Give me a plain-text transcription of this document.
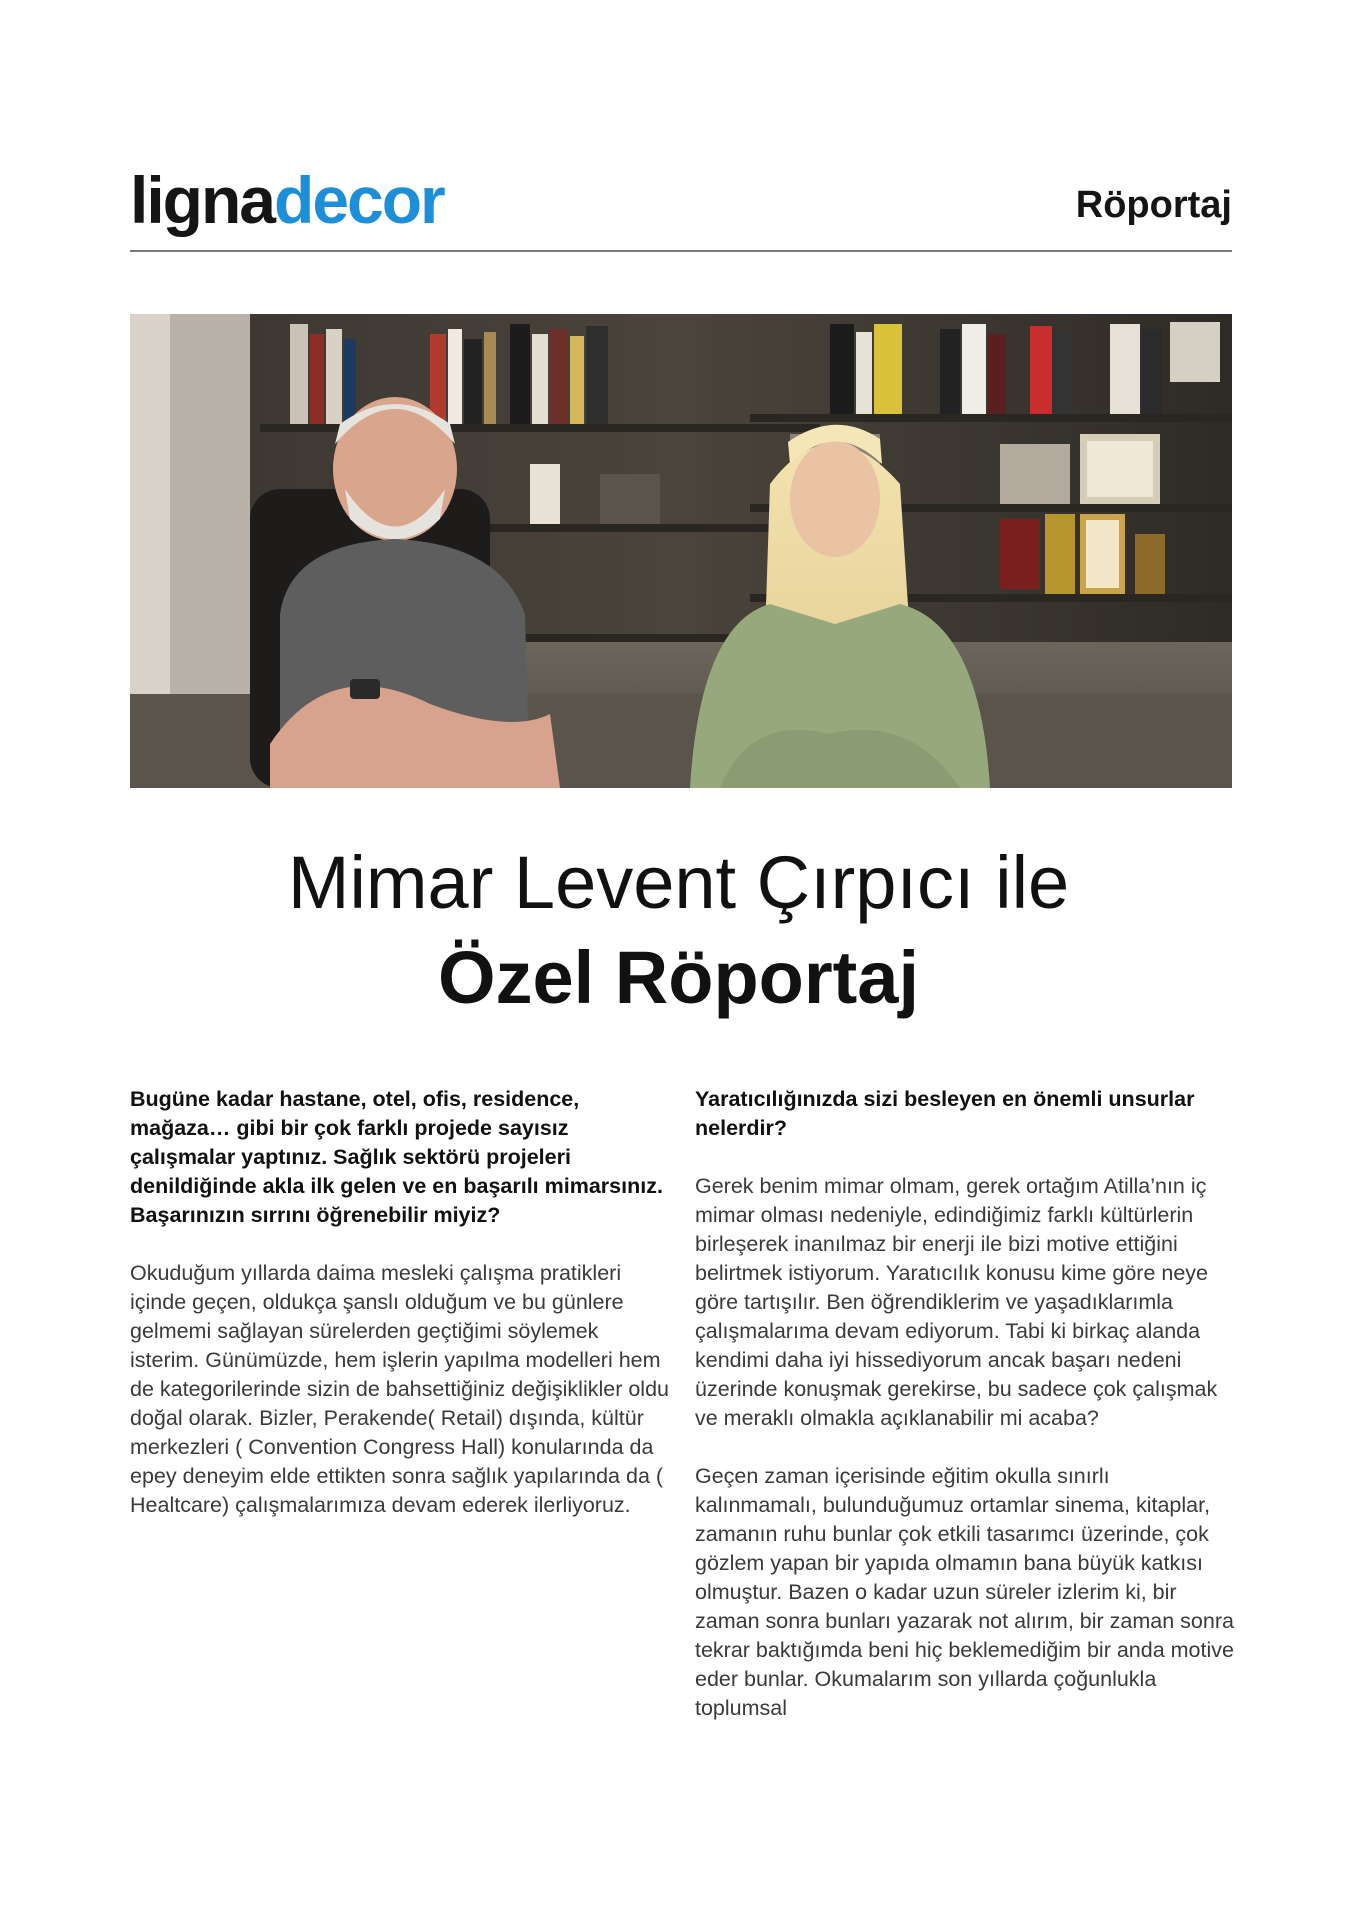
lignadecor	Röportaj
Mimar Levent Çırpıcı ile
Özel Röportaj

Bugüne kadar hastane, otel, ofis, residence, mağaza… gibi bir çok farklı projede sayısız çalışmalar yaptınız. Sağlık sektörü projeleri denildiğinde akla ilk gelen ve en başarılı mimarsınız. Başarınızın sırrını öğrenebilir miyiz?

Okuduğum yıllarda daima mesleki çalışma pratikleri içinde geçen, oldukça şanslı olduğum ve bu günlere gelmemi sağlayan sürelerden geçtiğimi söylemek isterim. Günümüzde, hem işlerin yapılma modelleri hem de kategorilerinde sizin de bahsettiğiniz değişiklikler oldu doğal olarak. Bizler, Perakende( Retail) dışında, kültür merkezleri ( Convention Congress Hall) konularında da epey deneyim elde ettikten sonra sağlık yapılarında da ( Healtcare) çalışmalarımıza devam ederek ilerliyoruz.

Yaratıcılığınızda sizi besleyen en önemli unsurlar nelerdir?

Gerek benim mimar olmam, gerek ortağım Atilla’nın iç mimar olması nedeniyle, edindiğimiz farklı kültürlerin birleşerek inanılmaz bir enerji ile bizi motive ettiğini belirtmek istiyorum. Yaratıcılık konusu kime göre neye göre tartışılır. Ben öğrendiklerim ve yaşadıklarımla çalışmalarıma devam ediyorum. Tabi ki birkaç alanda kendimi daha iyi hissediyorum ancak başarı nedeni üzerinde konuşmak gerekirse, bu sadece çok çalışmak ve meraklı olmakla açıklanabilir mi acaba?

Geçen zaman içerisinde eğitim okulla sınırlı kalınmamalı, bulunduğumuz ortamlar sinema, kitaplar, zamanın ruhu bunlar çok etkili tasarımcı üzerinde, çok gözlem yapan bir yapıda olmamın bana büyük katkısı olmuştur. Bazen o kadar uzun süreler izlerim ki, bir zaman sonra bunları yazarak not alırım, bir zaman sonra tekrar baktığımda beni hiç beklemediğim bir anda motive eder bunlar. Okumalarım son yıllarda çoğunlukla toplumsal
